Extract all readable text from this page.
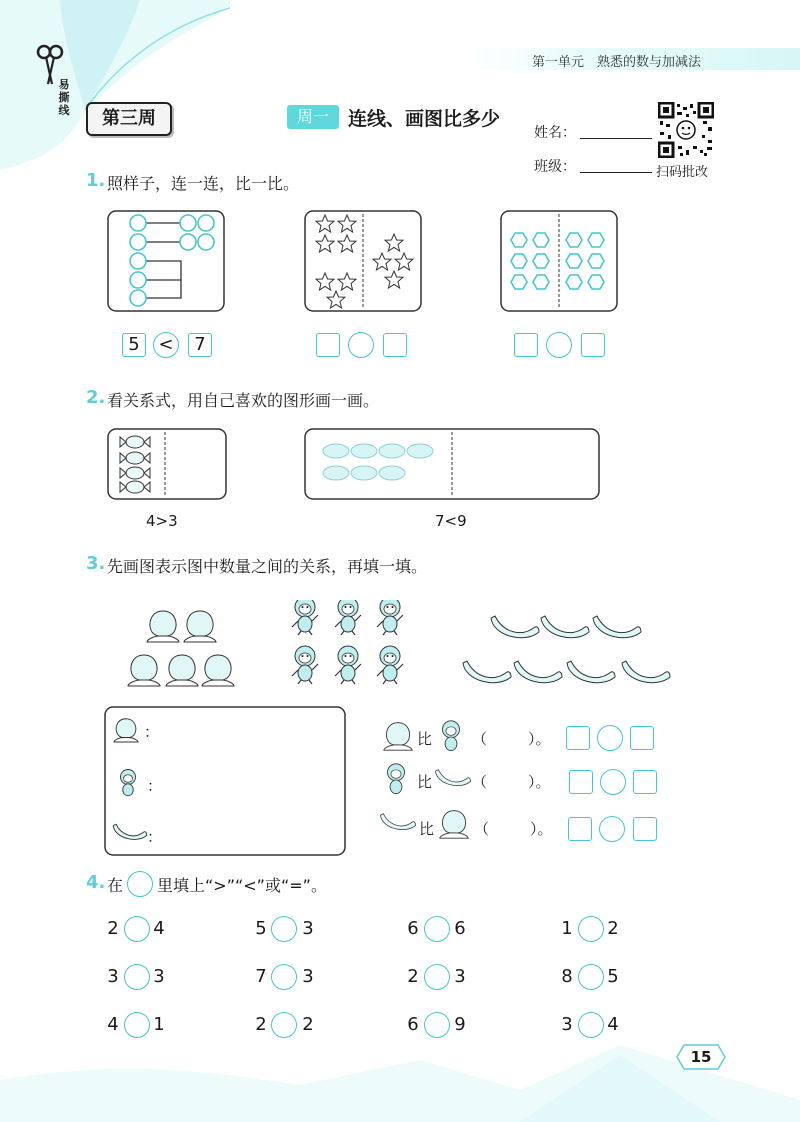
易
撕
线
第一单元　熟悉的数与加减法
第三周	周一	连线、画图比多少
姓名：
班级：	扫码批改
1. 照样子，连一连，比一比。
5	<	7
2. 看关系式，用自己喜欢的图形画一画。
4>3	7<9
3. 先画图表示图中数量之间的关系，再填一填。
：
：
：
比	（	）。
比	（	）。
比	（	）。
4. 在 里填上“>”“<”或“=”。
2 4	5 3	6 6	1 2
3 3	7 3	2 3	8 5
4 1	2 2	6 9	3 4
15
